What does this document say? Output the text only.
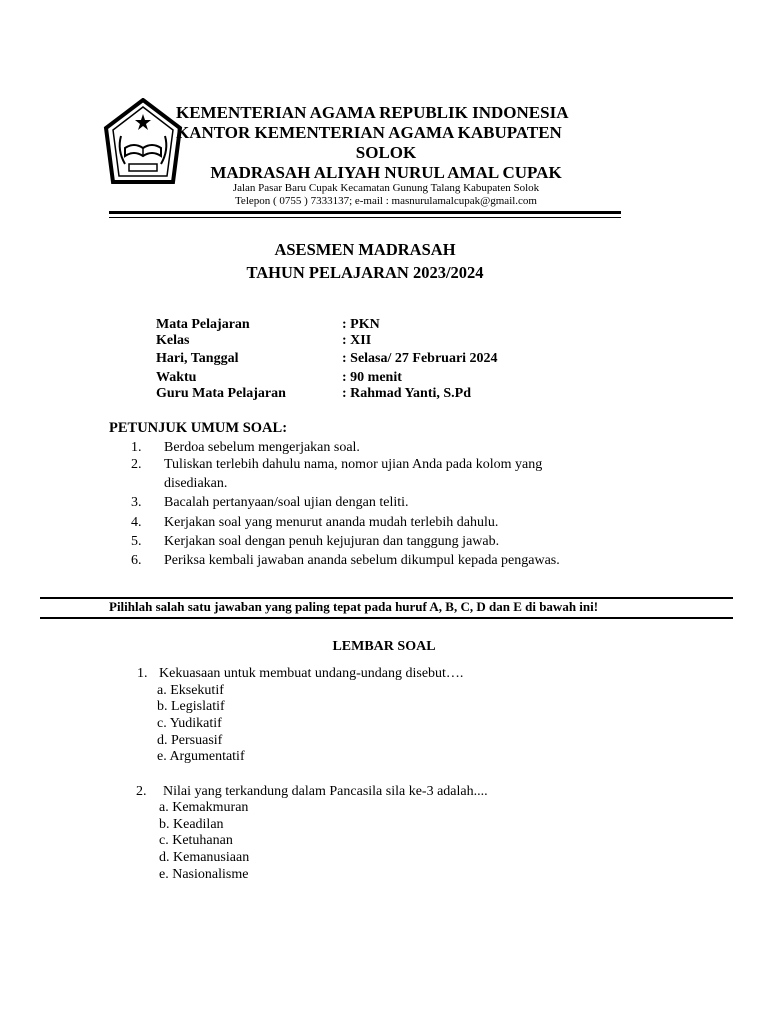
KEMENTERIAN AGAMA REPUBLIK INDONESIA
KANTOR KEMENTERIAN AGAMA KABUPATEN
SOLOK
MADRASAH ALIYAH NURUL AMAL CUPAK
Jalan Pasar Baru Cupak Kecamatan Gunung Talang Kabupaten Solok
Telepon ( 0755 ) 7333137; e-mail : masnurulamalcupak@gmail.com
ASESMEN MADRASAH
TAHUN PELAJARAN 2023/2024
Mata Pelajaran	: PKN
Kelas	: XII
Hari, Tanggal	: Selasa/ 27 Februari 2024
Waktu	: 90 menit
Guru Mata Pelajaran	: Rahmad Yanti, S.Pd
PETUNJUK UMUM SOAL:
1. Berdoa sebelum mengerjakan soal.
2. Tuliskan terlebih dahulu nama, nomor ujian Anda pada kolom yang
disediakan.
3. Bacalah pertanyaan/soal ujian dengan teliti.
4. Kerjakan soal yang menurut ananda mudah terlebih dahulu.
5. Kerjakan soal dengan penuh kejujuran dan tanggung jawab.
6. Periksa kembali jawaban ananda sebelum dikumpul kepada pengawas.
Pilihlah salah satu jawaban yang paling tepat pada huruf A, B, C, D dan E di bawah ini!
LEMBAR SOAL
1. Kekuasaan untuk membuat undang-undang disebut….
a. Eksekutif
b. Legislatif
c. Yudikatif
d. Persuasif
e. Argumentatif
2. Nilai yang terkandung dalam Pancasila sila ke-3 adalah....
a. Kemakmuran
b. Keadilan
c. Ketuhanan
d. Kemanusiaan
e. Nasionalisme
